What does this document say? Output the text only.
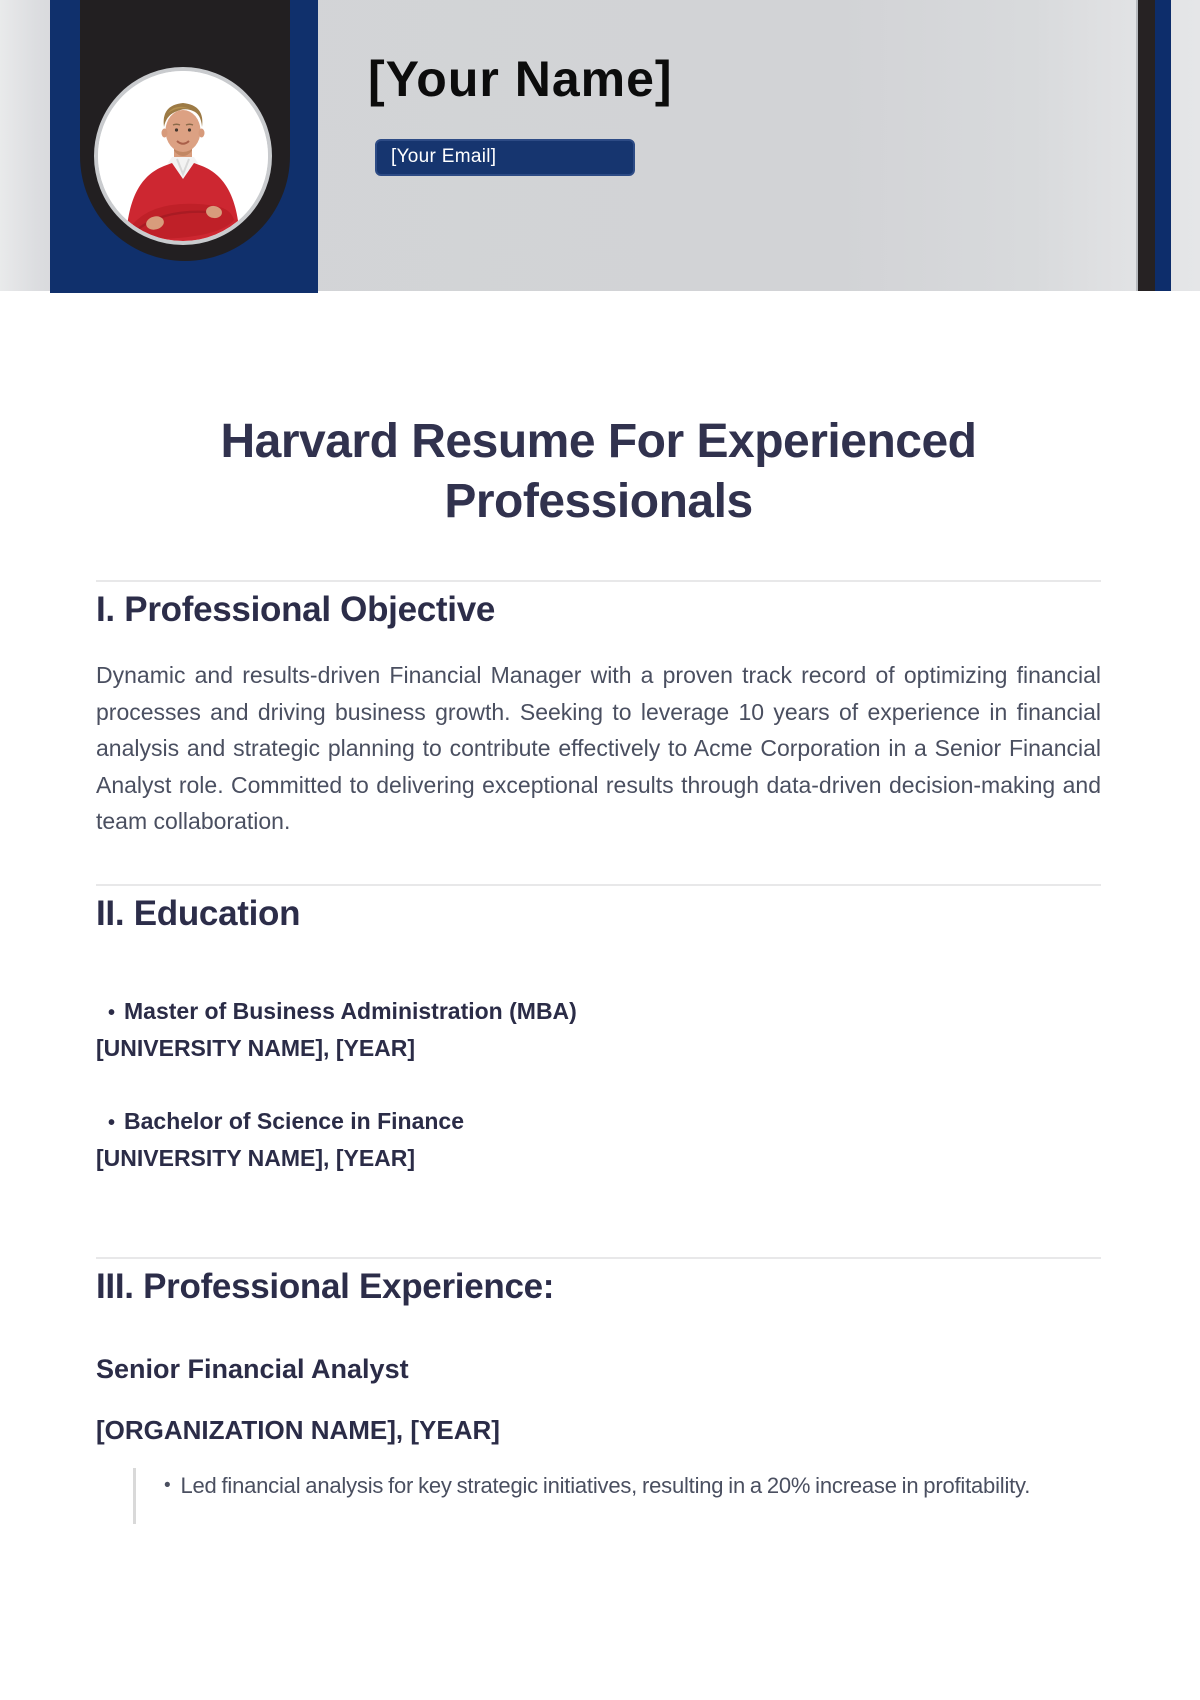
[Your Name]
[Your Email]
Harvard Resume For Experienced Professionals
I. Professional Objective

Dynamic and results-driven Financial Manager with a proven track record of optimizing financial processes and driving business growth. Seeking to leverage 10 years of experience in financial analysis and strategic planning to contribute effectively to Acme Corporation in a Senior Financial Analyst role. Committed to delivering exceptional results through data-driven decision-making and team collaboration.

II. Education
• Master of Business Administration (MBA)
[UNIVERSITY NAME], [YEAR]
• Bachelor of Science in Finance
[UNIVERSITY NAME], [YEAR]
III. Professional Experience:
Senior Financial Analyst
[ORGANIZATION NAME], [YEAR]
• Led financial analysis for key strategic initiatives, resulting in a 20% increase in profitability.
